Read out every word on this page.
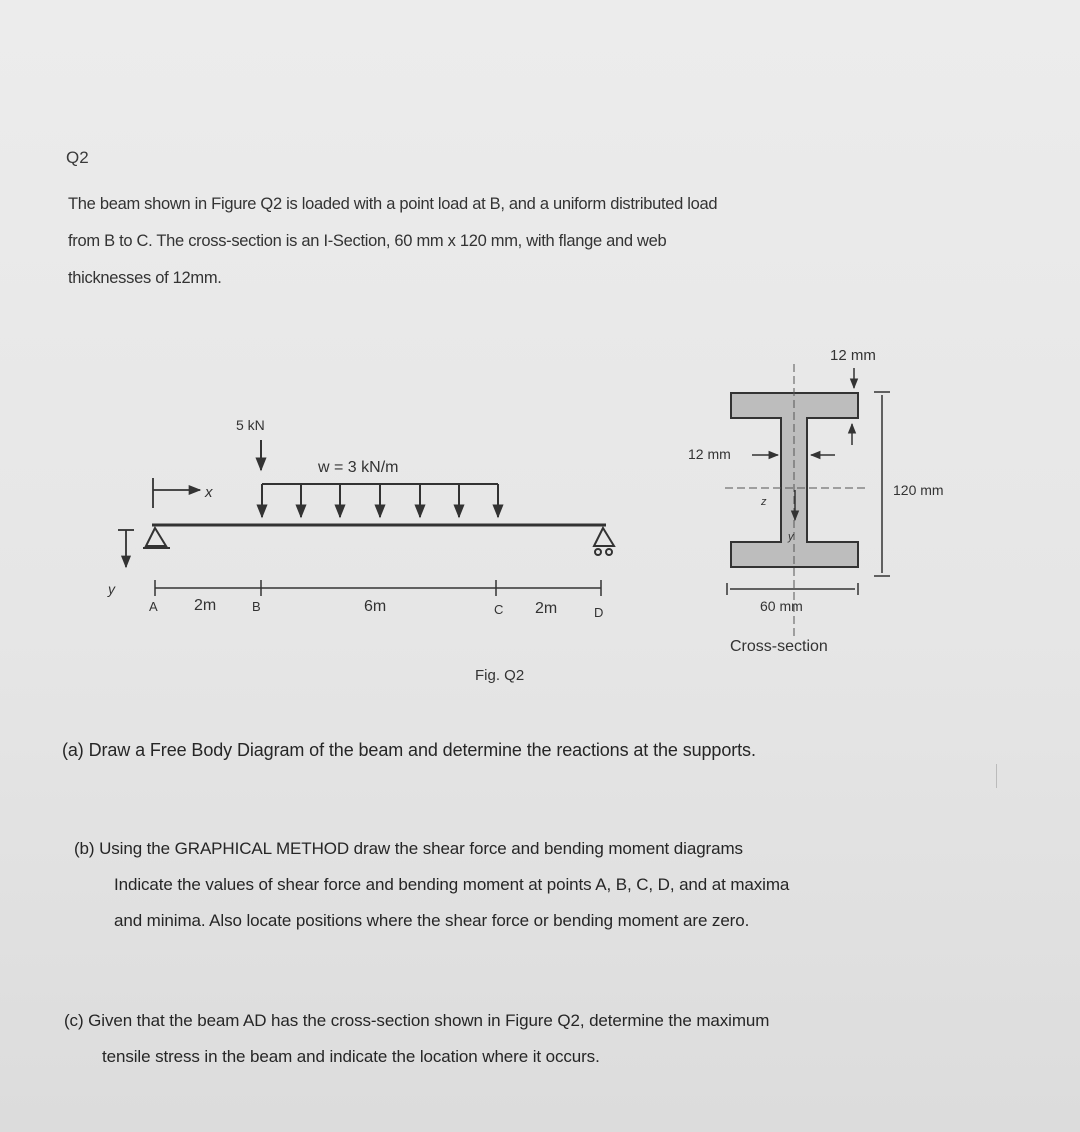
Q2
The beam shown in Figure Q2 is loaded with a point load at B, and a uniform distributed load
from B to C. The cross-section is an I-Section, 60 mm x 120 mm, with flange and web
thicknesses of 12mm.
x
y
5 kN
w = 3 kN/m
A 2m	B	6m	C 2m	D
z
y
12 mm
12 mm
120 mm
60 mm
Cross-section
Fig. Q2
(a) Draw a Free Body Diagram of the beam and determine the reactions at the supports.
(b) Using the GRAPHICAL METHOD draw the shear force and bending moment diagrams
Indicate the values of shear force and bending moment at points A, B, C, D, and at maxima
and minima. Also locate positions where the shear force or bending moment are zero.
(c) Given that the beam AD has the cross-section shown in Figure Q2, determine the maximum
tensile stress in the beam and indicate the location where it occurs.
